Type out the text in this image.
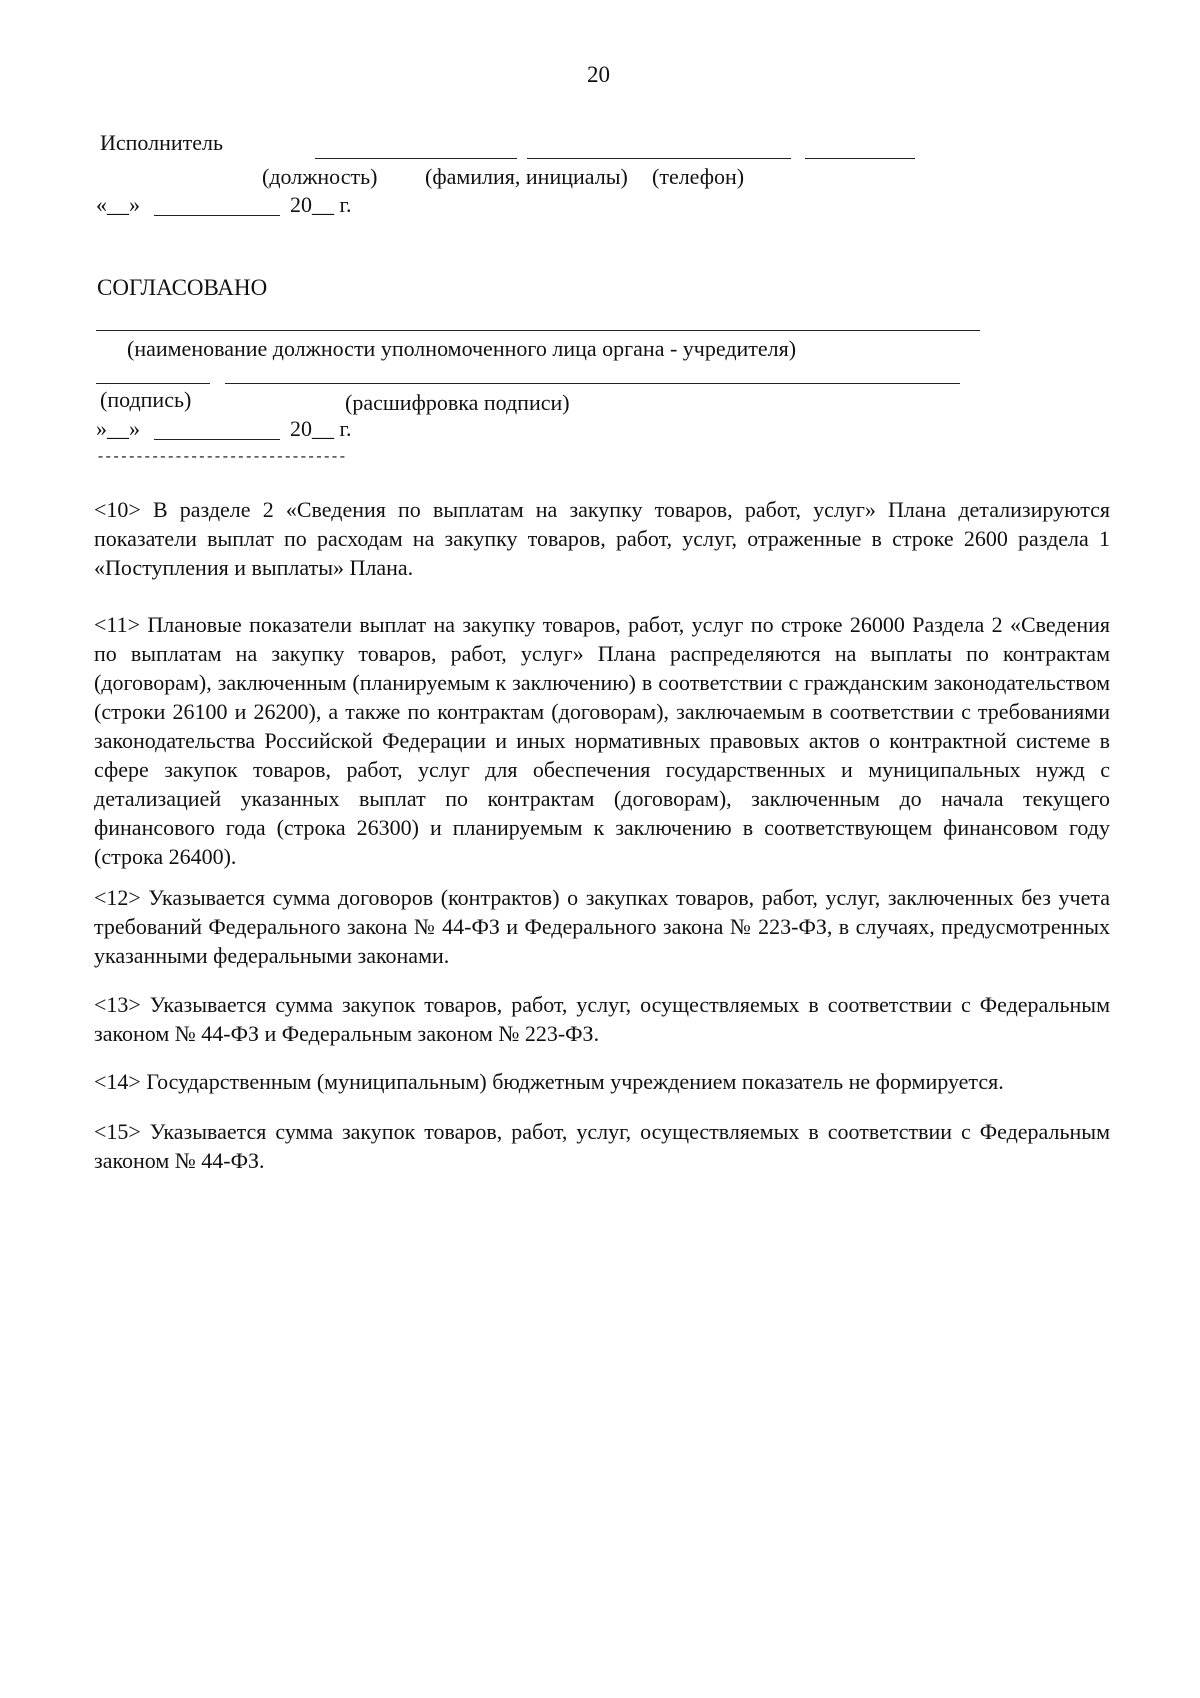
20
Исполнитель
(должность) (фамилия, инициалы) (телефон)
«__»	20__ г.
СОГЛАСОВАНО
(наименование должности уполномоченного лица органа - учредителя)
(подпись)	(расшифровка подписи)
»__»	20__ г.
--------------------------------

<10> В разделе 2 «Сведения по выплатам на закупку товаров, работ, услуг» Плана детализируются показатели выплат по расходам на закупку товаров, работ, услуг, отраженные в строке 2600 раздела 1 «Поступления и выплаты» Плана.

<11> Плановые показатели выплат на закупку товаров, работ, услуг по строке 26000 Раздела 2 «Сведения по выплатам на закупку товаров, работ, услуг» Плана распределяются на выплаты по контрактам (договорам), заключенным (планируемым к заключению) в соответствии с гражданским законодательством (строки 26100 и 26200), а также по контрактам (договорам), заключаемым в соответствии с требованиями законодательства Российской Федерации и иных нормативных правовых актов о контрактной системе в сфере закупок товаров, работ, услуг для обеспечения государственных и муниципальных нужд с детализацией указанных выплат по контрактам (договорам), заключенным до начала текущего финансового года (строка 26300) и планируемым к заключению в соответствующем финансовом году (строка 26400).

<12> Указывается сумма договоров (контрактов) о закупках товаров, работ, услуг, заключенных без учета требований Федерального закона № 44-ФЗ и Федерального закона № 223-ФЗ, в случаях, предусмотренных указанными федеральными законами.

<13> Указывается сумма закупок товаров, работ, услуг, осуществляемых в соответствии с Федеральным законом № 44-ФЗ и Федеральным законом № 223-ФЗ.

<14> Государственным (муниципальным) бюджетным учреждением показатель не формируется.

<15> Указывается сумма закупок товаров, работ, услуг, осуществляемых в соответствии с Федеральным законом № 44-ФЗ.
